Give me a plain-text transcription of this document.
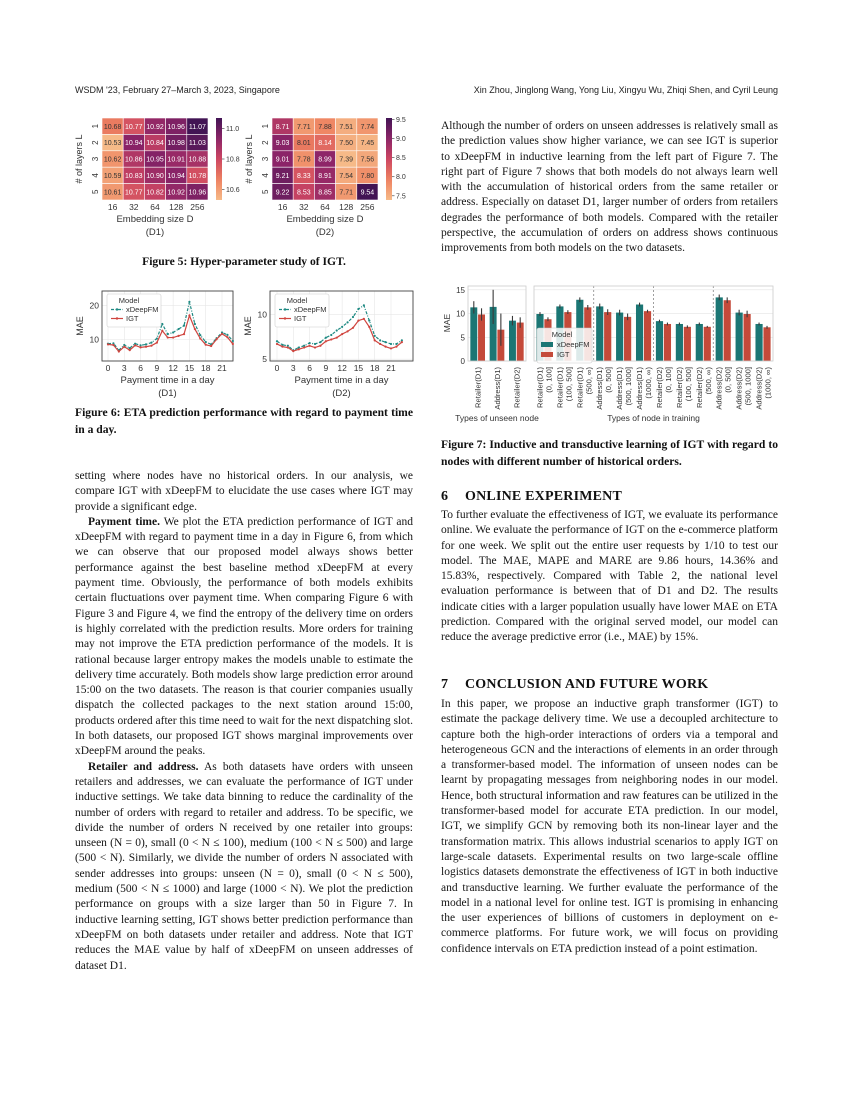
WSDM '23, February 27–March 3, 2023, Singapore	Xin Zhou, Jinglong Wang, Yong Liu, Xingyu Wu, Zhiqi Shen, and Cyril Leung
10.68 10.77 10.92 10.96 11.07
10.53 10.94 10.84 10.98 11.03
10.62 10.86 10.95 10.91 10.88
10.59 10.83 10.90 10.94 10.78
10.61 10.77 10.82 10.92 10.96
1
2
3
4
5
# of layers L
16 32 64 128 256
Embedding size D
(D1)
10.6
10.8
11.0	8.71 7.71 7.88 7.51 7.74
9.03 8.01 8.14 7.50 7.45
9.01 7.78 8.99 7.39 7.56
9.21 8.33 8.91 7.54 7.80
9.22 8.53 8.85 7.71 9.54
1
2
3
4
5
# of layers L
16 32 64 128 256
Embedding size D
(D2)
7.5
8.0
8.5
9.0
9.5
0 3 6 9 12 15 18 21
10
20
MAE
Payment time in a day
(D1)
Model
xDeepFM
IGT
0 3 6 9 12 15 18 21
5
10
MAE
Payment time in a day
(D2)
Model
xDeepFM
IGT
Retailer(D1) Address(D1) Retailer(D2)
Types of unseen node
Retailer(D1) (0, 100] Retailer(D1) (100, 500] Retailer(D1) (500, ∞) Address(D1) (0, 500] Address(D1) (500, 1000] Address(D1) (1000, ∞) Retailer(D2) (0, 100] Retailer(D2) (100, 500] Retailer(D2) (500, ∞) Address(D2) (0, 500] Address(D2) (500, 1000] Address(D2) (1000, ∞)
Types of node in training
0
5
10
15
MAE
Model
xDeepFM
IGT
Figure 5: Hyper-parameter study of IGT.
Figure 6: ETA prediction performance with regard to payment time in a day.
Figure 7: Inductive and transductive learning of IGT with regard to nodes with different number of historical orders.

setting where nodes have no historical orders. In our analysis, we compare IGT with xDeepFM to elucidate the use cases where IGT may provide a significant edge.

Payment time. We plot the ETA prediction performance of IGT and xDeepFM with regard to payment time in a day in Figure 6, from which we can observe that our proposed model always shows better performance against the best baseline method xDeepFM at every payment time. Obviously, the performance of both models exhibits certain fluctuations over payment time. When comparing Figure 6 with Figure 3 and Figure 4, we find the entropy of the delivery time on orders is highly correlated with the prediction results. More orders for training may not improve the ETA prediction performance of the models. It is rational because larger entropy makes the models unable to estimate the delivery time accurately. Both models show large prediction error around 15:00 on the two datasets. The reason is that courier companies usually dispatch the collected packages to the next station around 15:00, products ordered after this time need to wait for the next dispatching slot. In both datasets, our proposed IGT shows marginal improvements over xDeepFM around the peaks.

Retailer and address. As both datasets have orders with unseen retailers and addresses, we can evaluate the performance of IGT under inductive settings. We take data binning to reduce the cardinality of the number of orders with regard to retailer and address. To be specific, we divide the number of orders N received by one retailer into groups: unseen (N = 0), small (0 < N ≤ 100), medium (100 < N ≤ 500) and large (500 < N). Similarly, we divide the number of orders N associated with sender addresses into groups: unseen (N = 0), small (0 < N ≤ 500), medium (500 < N ≤ 1000) and large (1000 < N). We plot the prediction performance on groups with a size larger than 50 in Figure 7. In inductive learning setting, IGT shows better prediction performance than xDeepFM on both datasets under retailer and address. Note that IGT reduces the MAE value by half of xDeepFM on unseen addresses of dataset D1.

Although the number of orders on unseen addresses is relatively small as the prediction values show higher variance, we can see IGT is superior to xDeepFM in inductive learning from the left part of Figure 7. The right part of Figure 7 shows that both models do not always learn well with the accumulation of historical orders from the same retailer or address. Especially on dataset D1, larger number of orders from retailers degrades the performance of both models. Compared with the retailer perspective, the accumulation of orders on address shows continuous improvements from both models on the two datasets.

6 ONLINE EXPERIMENT

To further evaluate the effectiveness of IGT, we evaluate its performance online. We evaluate the performance of IGT on the e-commerce platform for one week. We split out the entire user requests by 1/10 to test our model. The MAE, MAPE and MARE are 9.86 hours, 14.36% and 15.83%, respectively. Compared with Table 2, the national level evaluation performance is between that of D1 and D2. The results indicate cities with a larger population usually have lower MAE on ETA prediction. Compared with the original served model, our model can reduce the average predictive error (i.e., MAE) by 15%.

7 CONCLUSION AND FUTURE WORK

In this paper, we propose an inductive graph transformer (IGT) to estimate the package delivery time. We use a decoupled architecture to capture both the high-order interactions of orders via a temporal and heterogeneous GCN and the interactions of elements in an order through a transformer-based model. The information of unseen nodes can be learnt by propagating messages from neighboring nodes in our model. Hence, both structural information and raw features can be utilized in the transformer-based model for accurate ETA prediction. In our model, IGT, we simplify GCN by removing both its non-linear layer and the transformation matrix. This allows industrial scenarios to apply IGT on large-scale datasets. Experimental results on two large-scale offline logistics datasets demonstrate the effectiveness of IGT in both inductive and transductive learning. We further evaluate the performance of the model in a national level for online test. IGT is promising in enhancing the user experiences of billions of customers in deployment on e-commerce platforms. For future work, we will focus on providing confidence intervals on ETA prediction instead of a point estimation.
